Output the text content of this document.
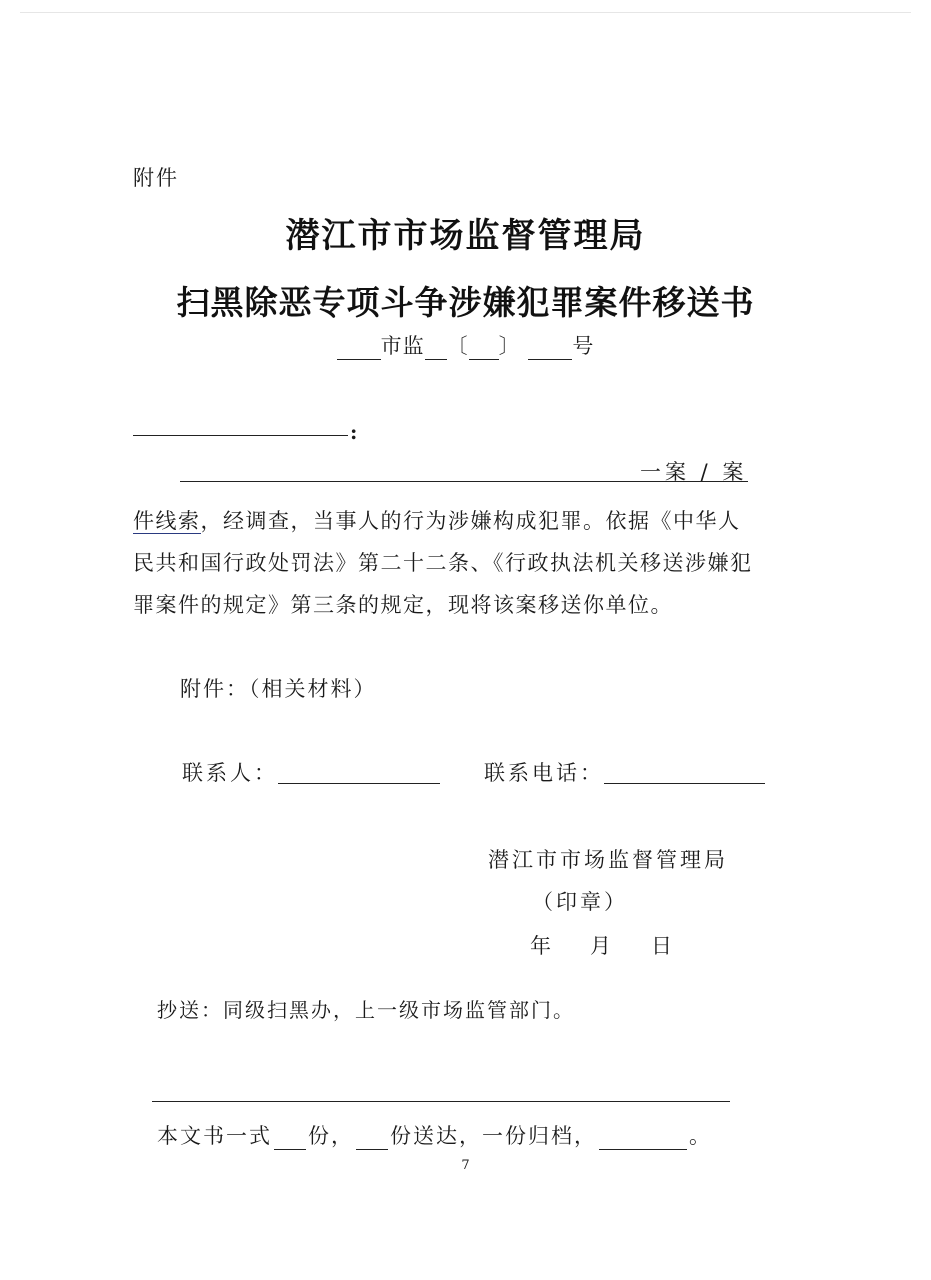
附件
潜江市市场监督管理局
扫黑除恶专项斗争涉嫌犯罪案件移送书
市监 〔 〕 号
:
一案 / 案
件线索，经调查，当事人的行为涉嫌构成犯罪。依据《中华人民共和国行政处罚法》第二十二条、《行政执法机关移送涉嫌犯罪案件的规定》第三条的规定，现将该案移送你单位。
附件：（相关材料）
联系人：	联系电话：
潜江市市场监督管理局
（印章）
年 月 日
抄送：同级扫黑办，上一级市场监管部门。
本文书一式 份， 份送达，一份归档，	。
7
